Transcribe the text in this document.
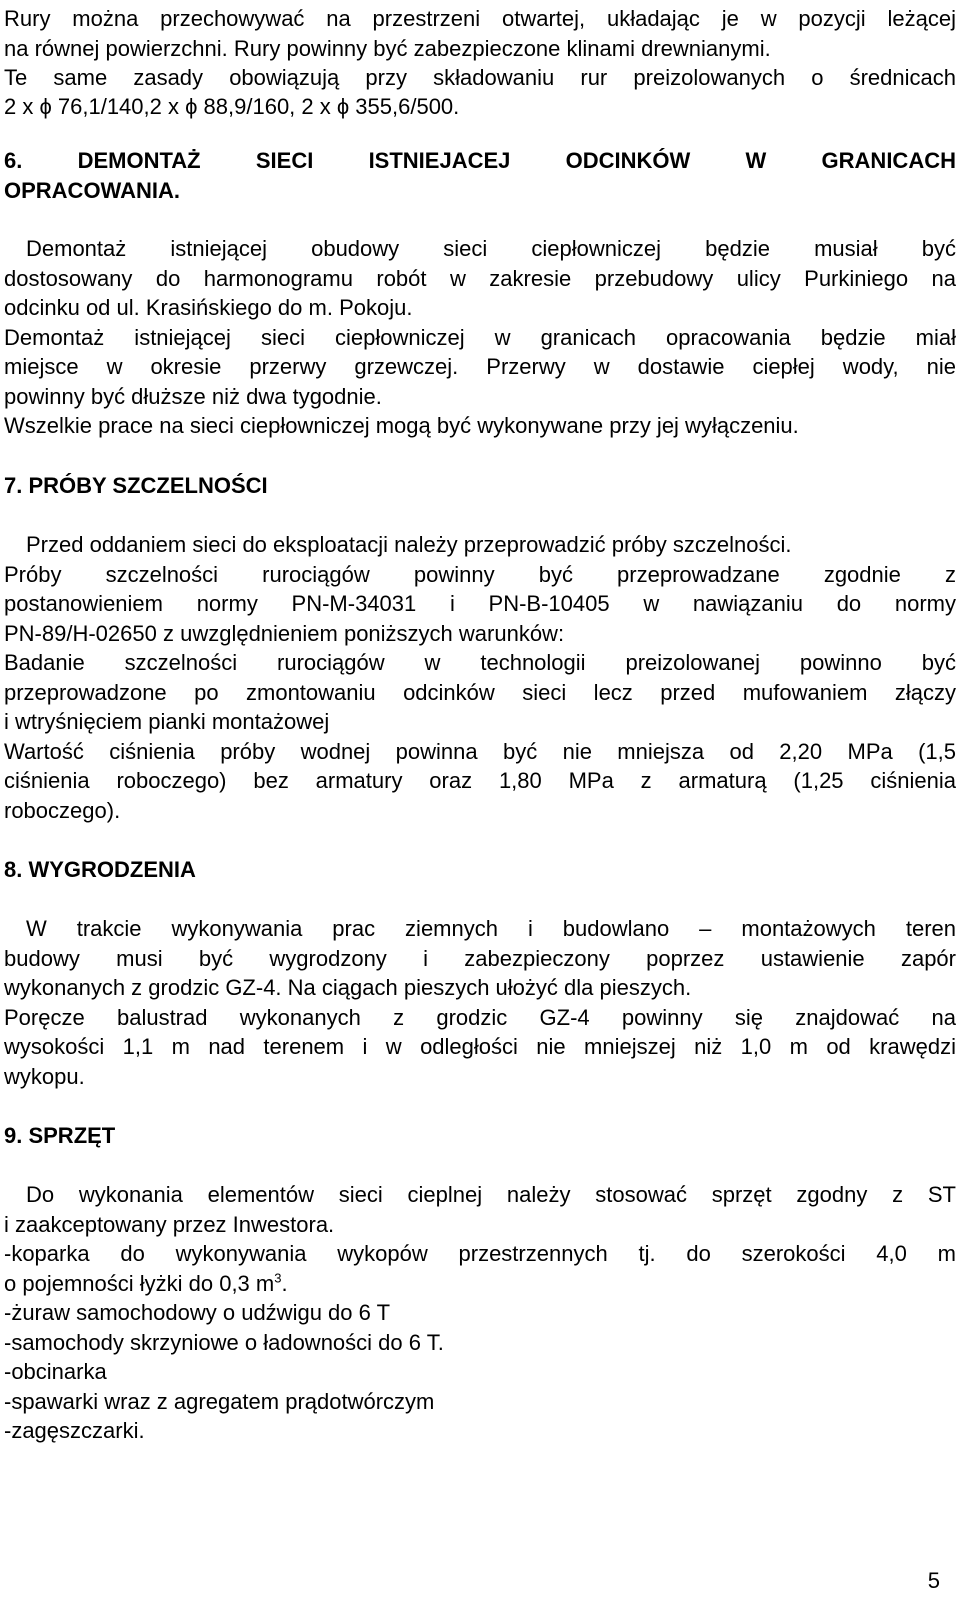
Rury można przechowywać na przestrzeni otwartej, układając je w pozycji leżącej

na równej powierzchni. Rury powinny być zabezpieczone klinami drewnianymi.

Te same zasady obowiązują przy składowaniu rur preizolowanych o średnicach

2 x ϕ 76,1/140,2 x ϕ 88,9/160, 2 x ϕ 355,6/500.

6. DEMONTAŻ SIECI ISTNIEJACEJ ODCINKÓW W GRANICACH

OPRACOWANIA.

Demontaż istniejącej obudowy sieci ciepłowniczej będzie musiał być

dostosowany do harmonogramu robót w zakresie przebudowy ulicy Purkiniego na

odcinku od ul. Krasińskiego do m. Pokoju.

Demontaż istniejącej sieci ciepłowniczej w granicach opracowania będzie miał

miejsce w okresie przerwy grzewczej. Przerwy w dostawie ciepłej wody, nie

powinny być dłuższe niż dwa tygodnie.

Wszelkie prace na sieci ciepłowniczej mogą być wykonywane przy jej wyłączeniu.

7. PRÓBY SZCZELNOŚCI

Przed oddaniem sieci do eksploatacji należy przeprowadzić próby szczelności.

Próby szczelności rurociągów powinny być przeprowadzane zgodnie z

postanowieniem normy PN-M-34031 i PN-B-10405 w nawiązaniu do normy

PN-89/H-02650 z uwzględnieniem poniższych warunków:

Badanie szczelności rurociągów w technologii preizolowanej powinno być

przeprowadzone po zmontowaniu odcinków sieci lecz przed mufowaniem złączy

i wtryśnięciem pianki montażowej

Wartość ciśnienia próby wodnej powinna być nie mniejsza od 2,20 MPa (1,5

ciśnienia roboczego) bez armatury oraz 1,80 MPa z armaturą (1,25 ciśnienia

roboczego).

8. WYGRODZENIA

W trakcie wykonywania prac ziemnych i budowlano – montażowych teren

budowy musi być wygrodzony i zabezpieczony poprzez ustawienie zapór

wykonanych z grodzic GZ-4. Na ciągach pieszych ułożyć dla pieszych.

Poręcze balustrad wykonanych z grodzic GZ-4 powinny się znajdować na

wysokości 1,1 m nad terenem i w odległości nie mniejszej niż 1,0 m od krawędzi

wykopu.

9. SPRZĘT

Do wykonania elementów sieci cieplnej należy stosować sprzęt zgodny z ST

i zaakceptowany przez Inwestora.

-koparka do wykonywania wykopów przestrzennych tj. do szerokości 4,0 m

o pojemności łyżki do 0,3 $m^3$.

-żuraw samochodowy o udźwigu do 6 T

-samochody skrzyniowe o ładowności do 6 T.

-obcinarka

-spawarki wraz z agregatem prądotwórczym

-zagęszczarki.

5
